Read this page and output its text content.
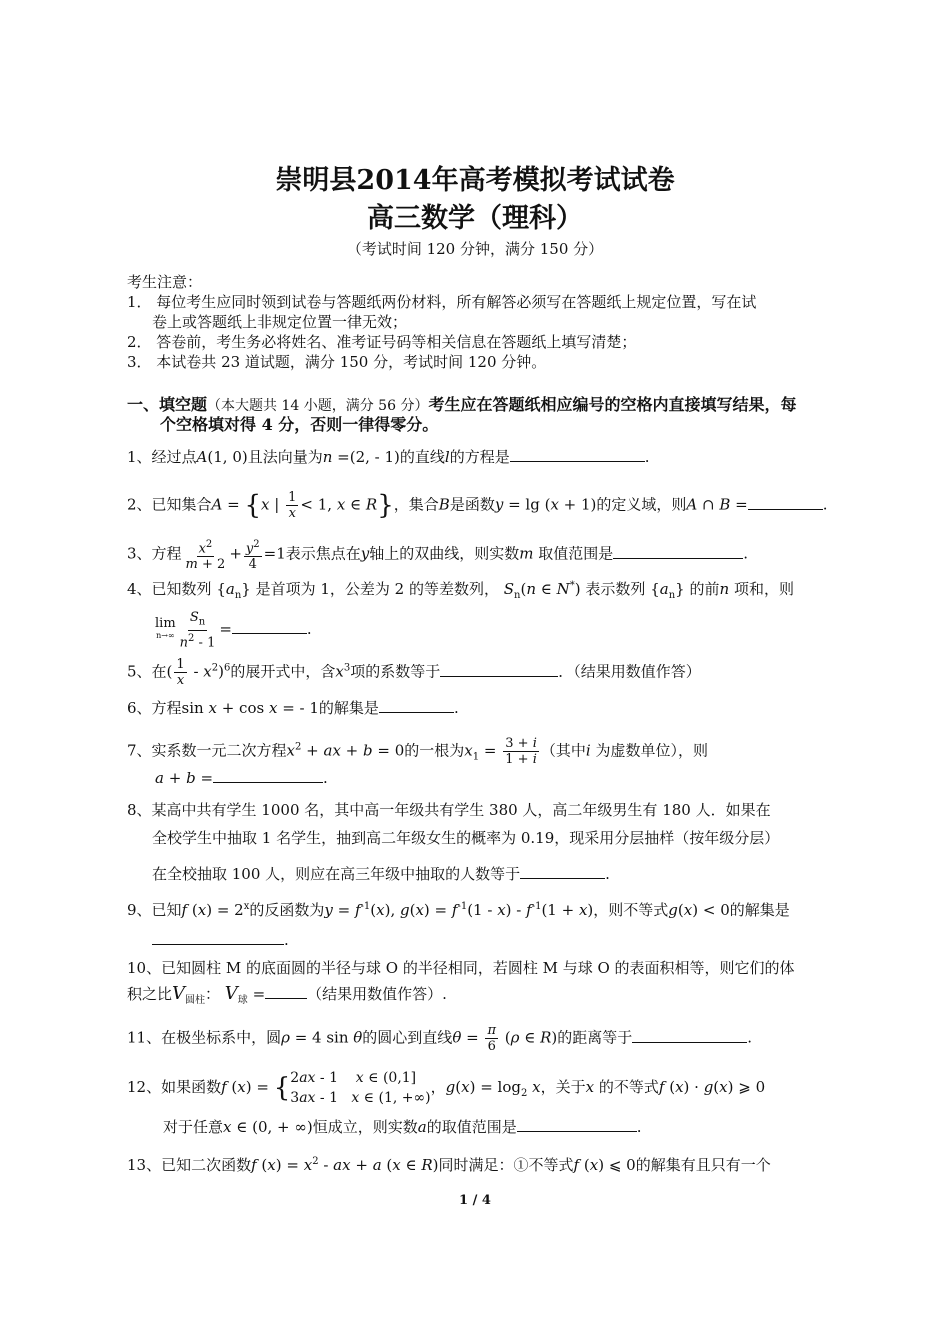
崇明县2014年高考模拟考试试卷
高三数学（理科）
（考试时间 120 分钟，满分 150 分）
考生注意：
1． 每位考生应同时领到试卷与答题纸两份材料，所有解答必须写在答题纸上规定位置，写在试
卷上或答题纸上非规定位置一律无效；
2． 答卷前，考生务必将姓名、准考证号码等相关信息在答题纸上填写清楚；
3． 本试卷共 23 道试题，满分 150 分，考试时间 120 分钟。
一、填空题（本大题共 14 小题，满分 56 分）考生应在答题纸相应编号的空格内直接填写结果，每
个空格填对得 4 分，否则一律得零分。
1、经过点A(1, 0)且法向量为n =(2, - 1)的直线l的方程是	.
2、已知集合A = {x | $\frac{1}{x} < 1$, x ∈ R}，集合B是函数y = lg (x + 1)的定义域，则A ∩ B =	.
3、方程 $\frac{x^2}{m + 2} + \frac{y^2}{4} =1$表示焦点在y轴上的双曲线，则实数m 取值范围是	.
4、已知数列 $\{a_n\}$ 是首项为 1，公差为 2 的等差数列， $S_n(n$ ∈ N*) 表示数列 $\{a_n\}$ 的前n 项和，则
lim
$n\to\infty \frac{S_n}{n^2 - 1}$ =	.
5、在( $\frac{1}{x} - x^2)^6$的展开式中，含$x^3$项的系数等于	．（结果用数值作答）
6、方程sin x + cos x = - 1的解集是	.
7、实系数一元二次方程$x^2$ + ax + b = 0的一根为$x_1 = \frac{3 + i}{1 + i}$ （其中i 为虚数单位），则
a + b =	.
8、某高中共有学生 1000 名，其中高一年级共有学生 380 人，高二年级男生有 180 人．如果在
全校学生中抽取 1 名学生，抽到高二年级女生的概率为 0.19，现采用分层抽样（按年级分层）
在全校抽取 100 人，则应在高三年级中抽取的人数等于	.
9、已知f $(x) = 2^x$的反函数为$y = f^{-1}(x)$, $g(x) = f^{-1}(1 - x) - f^{-1}(1 + x)$，则不等式g(x) < 0的解集是
.
10、已知圆柱 M 的底面圆的半径与球 O 的半径相同，若圆柱 M 与球 O 的表面积相等，则它们的体
积之比$V_{圆柱}$： $V_球$ =	（结果用数值作答）.
11、在极坐标系中，圆ρ = 4 sin θ的圆心到直线$\theta = \frac{\pi}{6} (\rho$ ∈ R)的距离等于	.
12、如果函数f (x) = { 2ax - 1    x ∈ (0,1]
3ax - 1   x ∈ (1, +∞)
，$g(x) = \log_2 x$，关于x 的不等式f (x) · g(x) ⩾ 0
对于任意x ∈ (0, + ∞)恒成立，则实数a的取值范围是	.
13、已知二次函数f $(x) = x^2$ - ax + a (x ∈ R)同时满足：①不等式f (x) ⩽ 0的解集有且只有一个
1 / 4
